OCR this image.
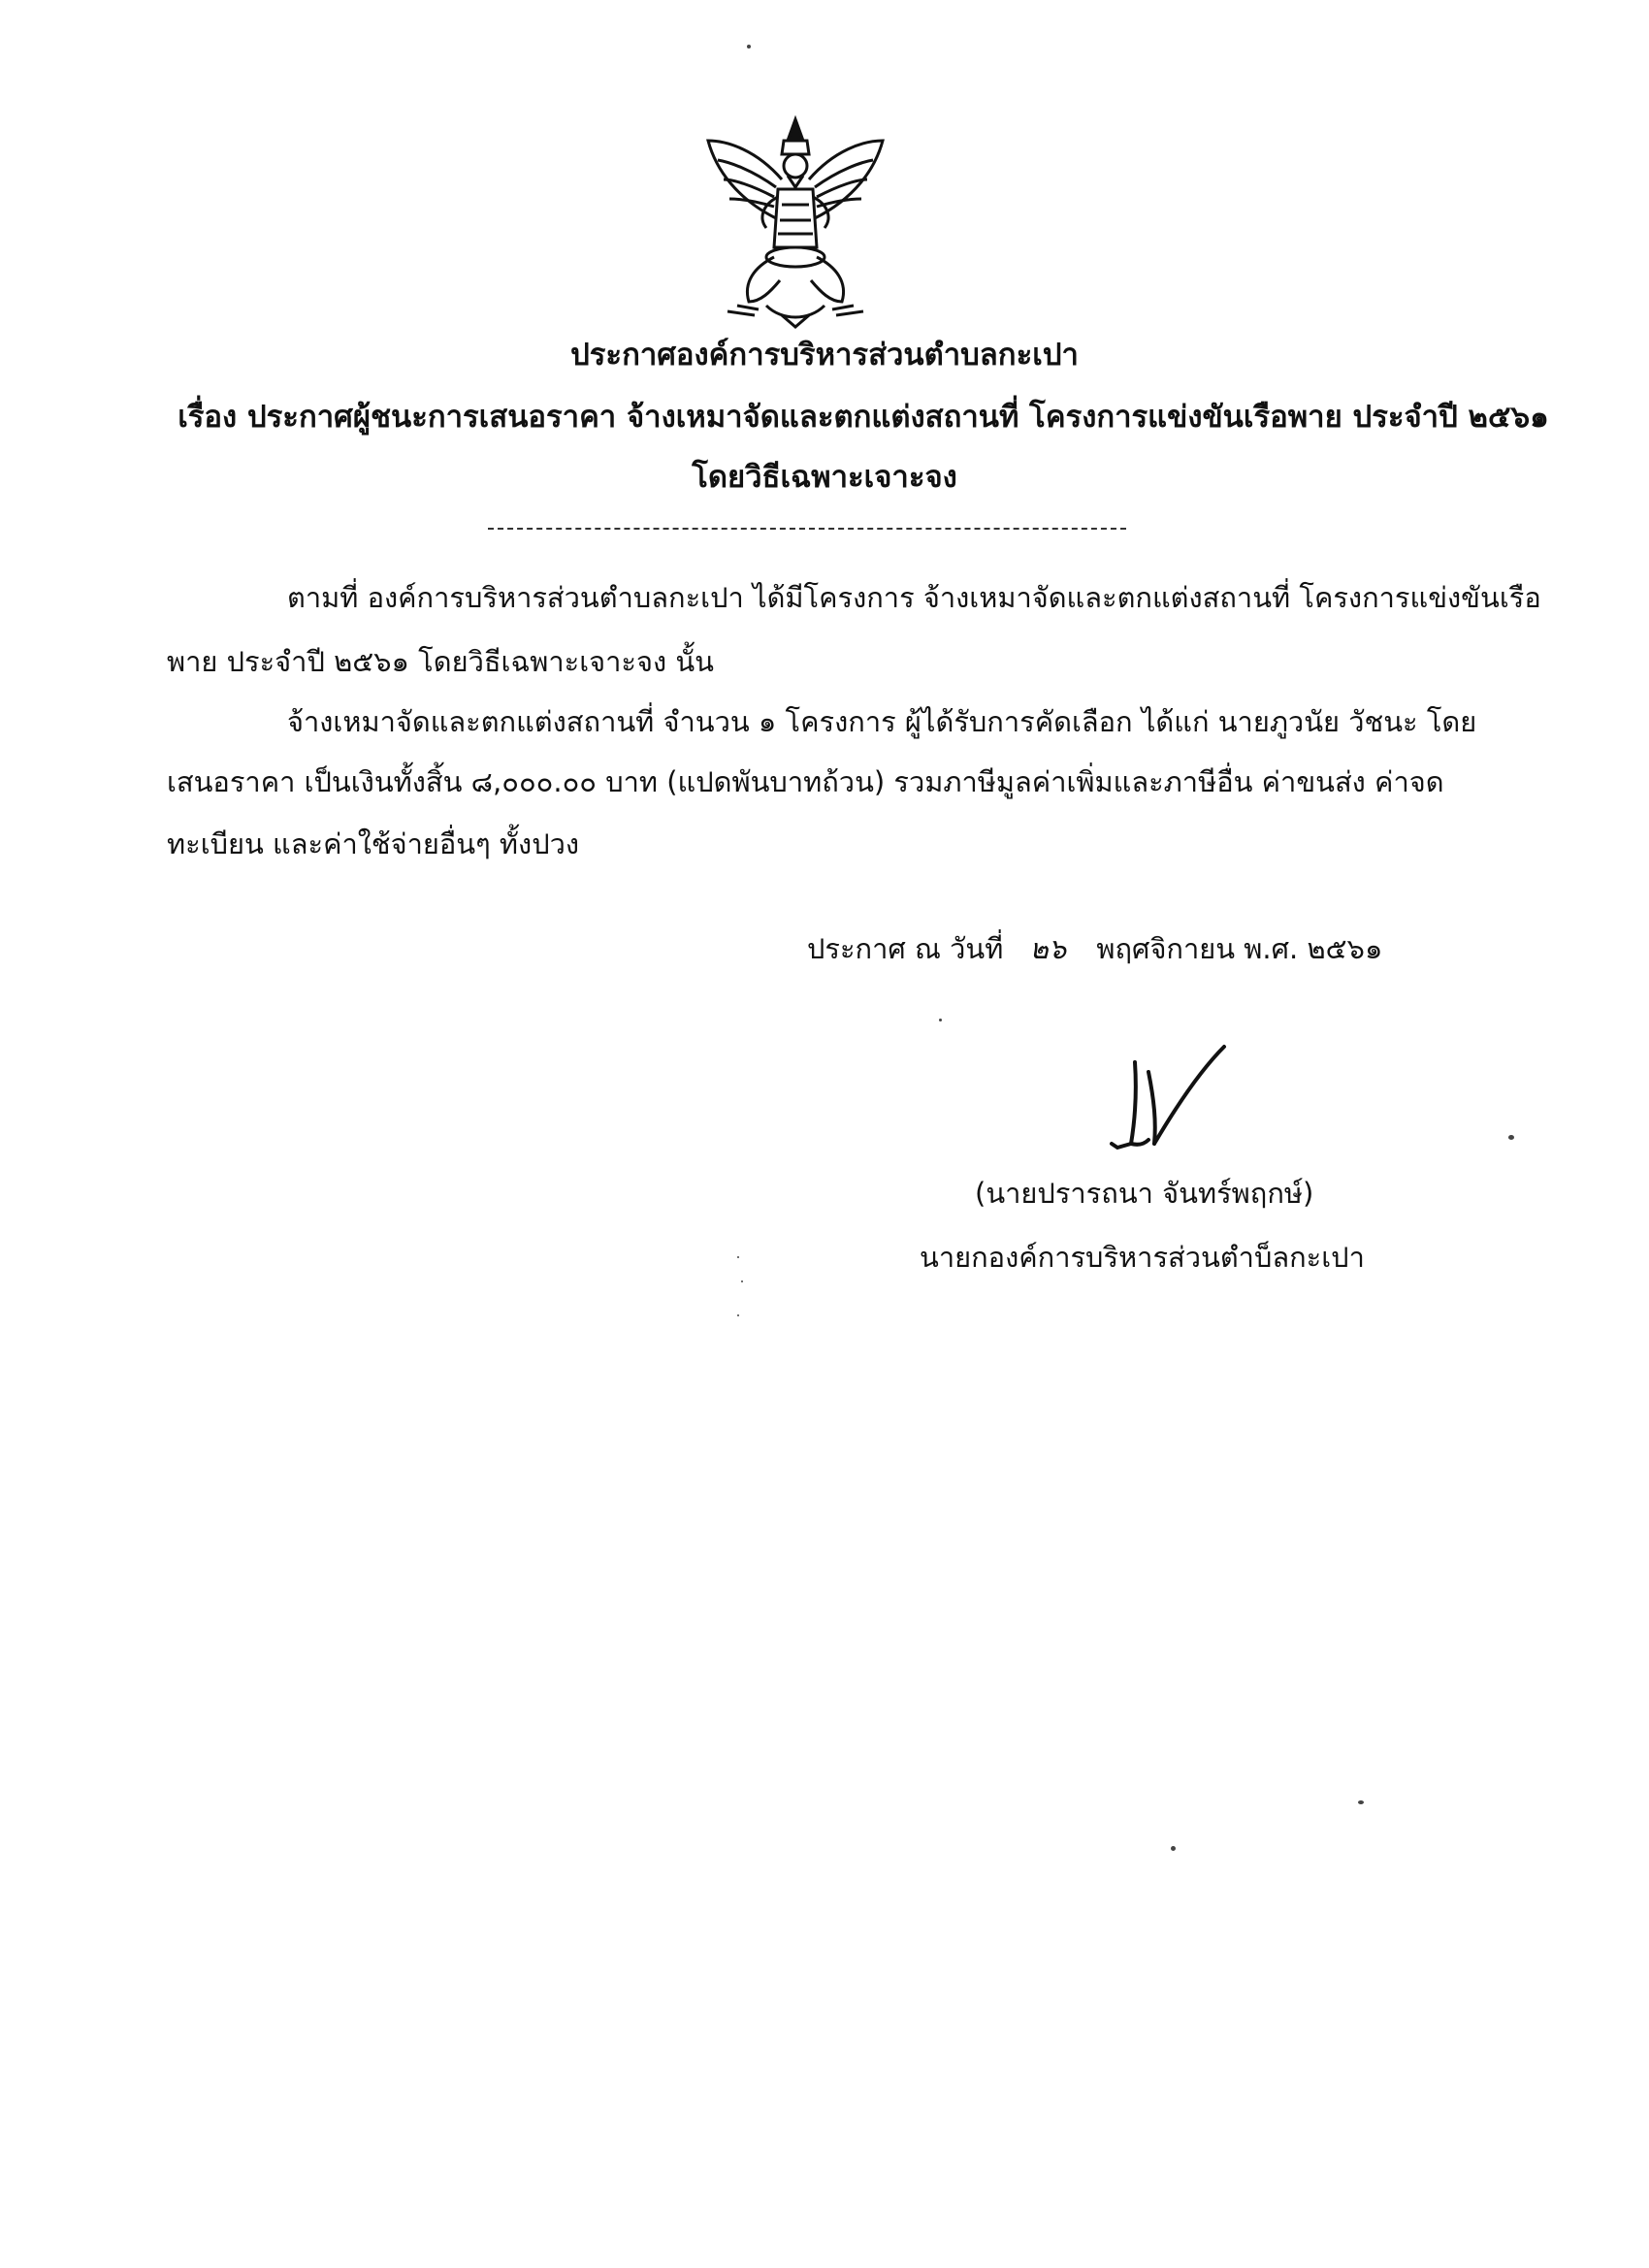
ประกาศองค์การบริหารส่วนตำบลกะเปา
เรื่อง ประกาศผู้ชนะการเสนอราคา จ้างเหมาจัดและตกแต่งสถานที่ โครงการแข่งขันเรือพาย ประจำปี ๒๕๖๑
โดยวิธีเฉพาะเจาะจง
ตามที่ องค์การบริหารส่วนตำบลกะเปา ได้มีโครงการ จ้างเหมาจัดและตกแต่งสถานที่ โครงการแข่งขันเรือ
พาย ประจำปี ๒๕๖๑ โดยวิธีเฉพาะเจาะจง นั้น
จ้างเหมาจัดและตกแต่งสถานที่ จำนวน ๑ โครงการ ผู้ได้รับการคัดเลือก ได้แก่ นายภูวนัย วัชนะ โดย
เสนอราคา เป็นเงินทั้งสิ้น ๘,๐๐๐.๐๐ บาท (แปดพันบาทถ้วน) รวมภาษีมูลค่าเพิ่มและภาษีอื่น ค่าขนส่ง ค่าจด
ทะเบียน และค่าใช้จ่ายอื่นๆ ทั้งปวง
ประกาศ ณ วันที่ ๒๖ พฤศจิกายน พ.ศ. ๒๕๖๑
(นายปรารถนา จันทร์พฤกษ์)
นายกองค์การบริหารส่วนตำบ็ลกะเปา
